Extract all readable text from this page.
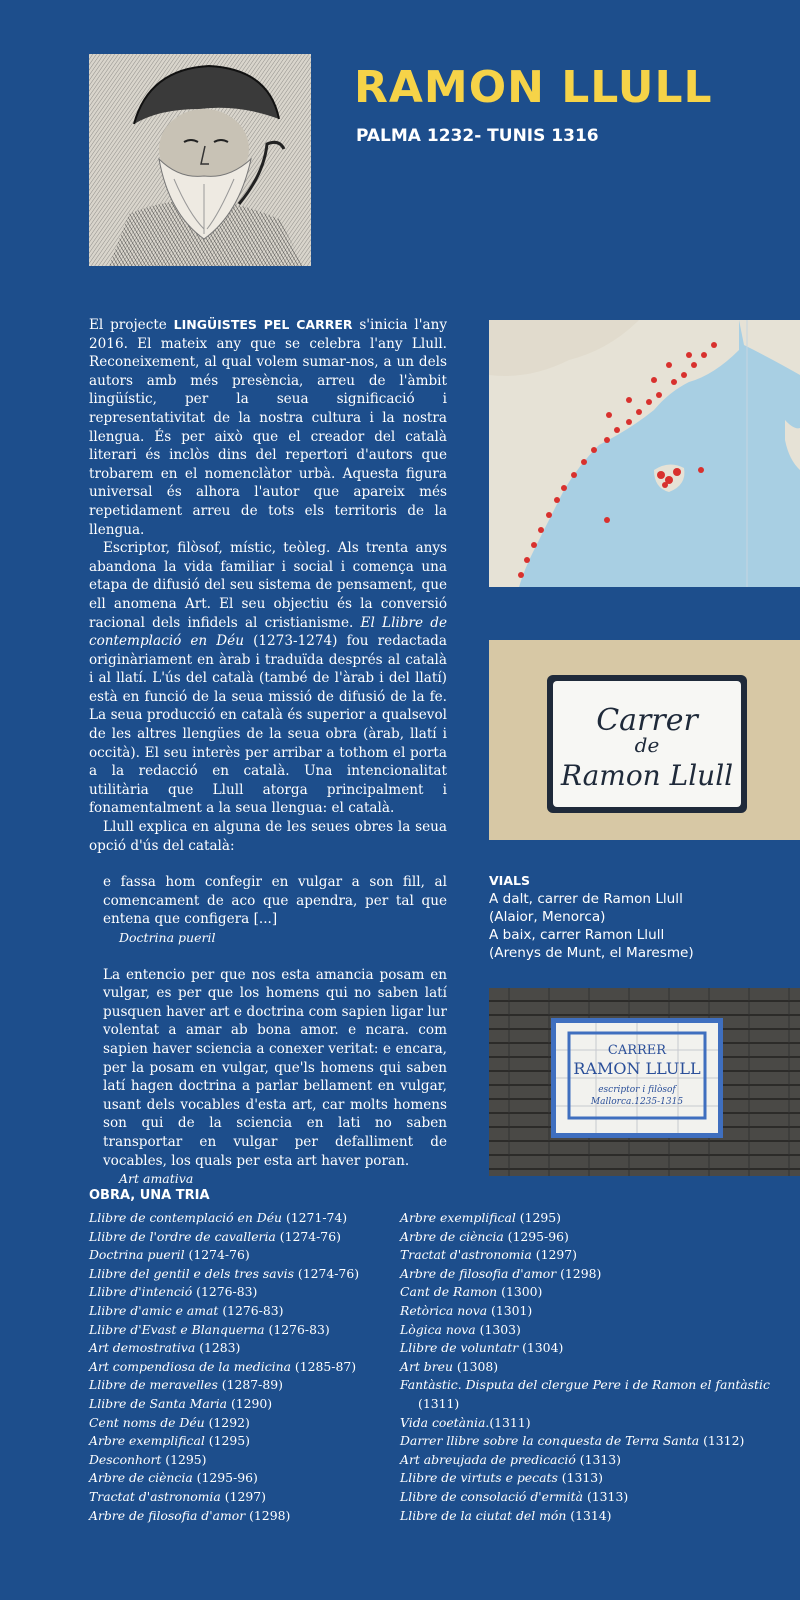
RAMON LLULL
PALMA 1232- TUNIS 1316

El projecte LINGÜISTES PEL CARRER s'inicia l'any 2016. El mateix any que se celebra l'any Llull. Reconeixement, al qual volem sumar-nos, a un dels autors amb més presència, arreu de l'àmbit lingüístic, per la seua significació i representativitat de la nostra cultura i la nostra llengua. És per això que el creador del català literari és inclòs dins del repertori d'autors que trobarem en el nomenclàtor urbà. Aquesta figura universal és alhora l'autor que apareix més repetidament arreu de tots els territoris de la llengua.

Escriptor, filòsof, místic, teòleg. Als trenta anys abandona la vida familiar i social i comença una etapa de difusió del seu sistema de pensament, que ell anomena Art. El seu objectiu és la conversió racional dels infidels al cristianisme. El Llibre de contemplació en Déu (1273-1274) fou redactada originàriament en àrab i traduïda després al català i al llatí. L'ús del català (també de l'àrab i del llatí) està en funció de la seua missió de difusió de la fe. La seua producció en català és superior a qualsevol de les altres llengües de la seua obra (àrab, llatí i occità). El seu interès per arribar a tothom el porta a la redacció en català. Una intencionalitat utilitària que Llull atorga principalment i fonamentalment a la seua llengua: el català.

Llull explica en alguna de les seues obres la seua opció d'ús del català:

e fassa hom confegir en vulgar a son fill, al comencament de aco que apendra, per tal que entena que configera [...]
Doctrina pueril
La entencio per que nos esta amancia posam en vulgar, es per que los homens qui no saben latí pusquen haver art e doctrina com sapien ligar lur volentat a amar ab bona amor. e ncara. com sapien haver sciencia a conexer veritat: e encara, per la posam en vulgar, que'ls homens qui saben latí hagen doctrina a parlar bellament en vulgar, usant dels vocables d'esta art, car molts homens son qui de la sciencia en lati no saben transportar en vulgar per defalliment de vocables, los quals per esta art haver poran.
Art amativa
Carrer
de
Ramon Llull
VIALS
A dalt, carrer de Ramon Llull
(Alaior, Menorca)
A baix, carrer Ramon Llull
(Arenys de Munt, el Maresme)
CARRER
RAMON LLULL
escriptor i filòsof
Mallorca.1235-1315
OBRA, UNA TRIA
Llibre de contemplació en Déu (1271-74)
Llibre de l'ordre de cavalleria (1274-76)
Doctrina pueril (1274-76)
Llibre del gentil e dels tres savis (1274-76)
Llibre d'intenció (1276-83)
Llibre d'amic e amat (1276-83)
Llibre d'Evast e Blanquerna (1276-83)
Art demostrativa (1283)
Art compendiosa de la medicina (1285-87)
Llibre de meravelles (1287-89)
Llibre de Santa Maria (1290)
Cent noms de Déu (1292)
Arbre exemplifical (1295)
Desconhort (1295)
Arbre de ciència (1295-96)
Tractat d'astronomia (1297)
Arbre de filosofia d'amor (1298)
Arbre exemplifical (1295)
Arbre de ciència (1295-96)
Tractat d'astronomia (1297)
Arbre de filosofia d'amor (1298)
Cant de Ramon (1300)
Retòrica nova (1301)
Lògica nova (1303)
Llibre de voluntatr (1304)
Art breu (1308)
Fantàstic. Disputa del clergue Pere i de Ramon el fantàstic (1311)
Vida coetània.(1311)
Darrer llibre sobre la conquesta de Terra Santa (1312)
Art abreujada de predicació (1313)
Llibre de virtuts e pecats (1313)
Llibre de consolació d'ermità (1313)
Llibre de la ciutat del món (1314)
